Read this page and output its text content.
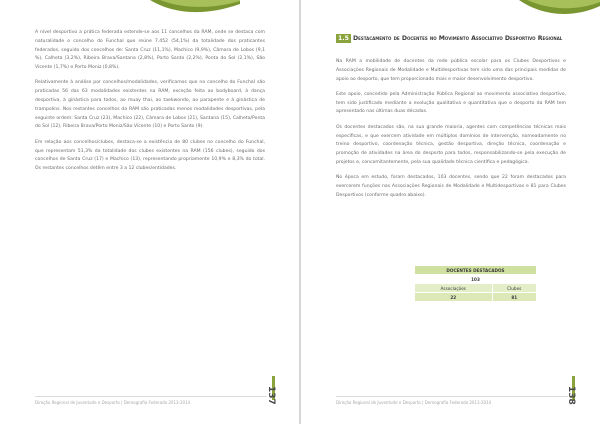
A nível desportivo a prática federada estende-se aos 11 concelhos da RAM, onde se destaca com naturalidade o concelho do Funchal que reúne 7.452 (54,1%) da totalidade dos praticantes federados, seguido dos concelhos de: Santa Cruz (11,1%), Machico (9,9%), Câmara de Lobos (9,1 %), Calheta (3,2%), Ribeira Brava/Santana (2,8%), Porto Santo (2,2%), Ponta do Sol (2,1%), São Vicente (1,7%) e Porto Moniz (0,8%).

Relativamente à análise por concelhos/modalidades, verificamos que no concelho do Funchal são praticadas 56 das 63 modalidades existentes na RAM, exceção feita ao bodyboard, à dança desportiva, à ginástica para todos, ao muay thai, ao taekwondo, ao parapente e à ginástica de trampolins. Nos restantes concelhos da RAM são praticadas menos modalidades desportivas, pela seguinte ordem: Santa Cruz (23), Machico (22), Câmara de Lobos (21), Santana (15), Calheta/Ponta do Sol (12), Ribeira Brava/Porto Moniz/São Vicente (10) e Porto Santo (9).

Em relação aos concelhos/clubes, destaca-se a existência de 80 clubes no concelho do Funchal, que representam 51,3% da totalidade dos clubes existentes na RAM (156 clubes), seguido dos concelhos de Santa Cruz (17) e Machico (13), representando propriamente 10,9% e 8,3% do total. Os restantes concelhos detêm entre 3 a 12 clubes/entidades.

Direção Regional de Juventude e Desporto | Demografia Federada 2013-2014	137
1.5 Destacamento de Docentes no Movimento Associativo Desportivo Regional

Na RAM a mobilidade de docentes da rede pública escolar para os Clubes Desportivos e Associações Regionais de Modalidade e Multidesportivas tem sido uma das principais medidas de apoio ao desporto, que tem proporcionado mais e maior desenvolvimento desportivo.

Este apoio, concedido pela Administração Pública Regional ao movimento associativo desportivo, tem sido justificado mediante a evolução qualitativa e quantitativa que o desporto da RAM tem apresentado nas últimas duas décadas.

Os docentes destacados são, na sua grande maioria, agentes com competências técnicas mais específicas, e que exercem atividade em múltiplos domínios de intervenção, nomeadamente no treino desportivo, coordenação técnica, gestão desportiva, direção técnica, coordenação e promoção de atividades na área do desporto para todos, responsabilizando-se pela execução de projetos e, concomitantemente, pela sua qualidade técnica científica e pedagógica.

No época em estudo, foram destacados, 103 docentes, sendo que 22 foram destacados para exercerem funções nas Associações Regionais de Modalidade e Multidesportivas e 81 para Clubes Desportivos (conforme quadro abaixo).

DOCENTES DESTACADOS	
103	
Associações	Clubes
22	81
Direção Regional de Juventude e Desporto | Demografia Federada 2013-2014	138
